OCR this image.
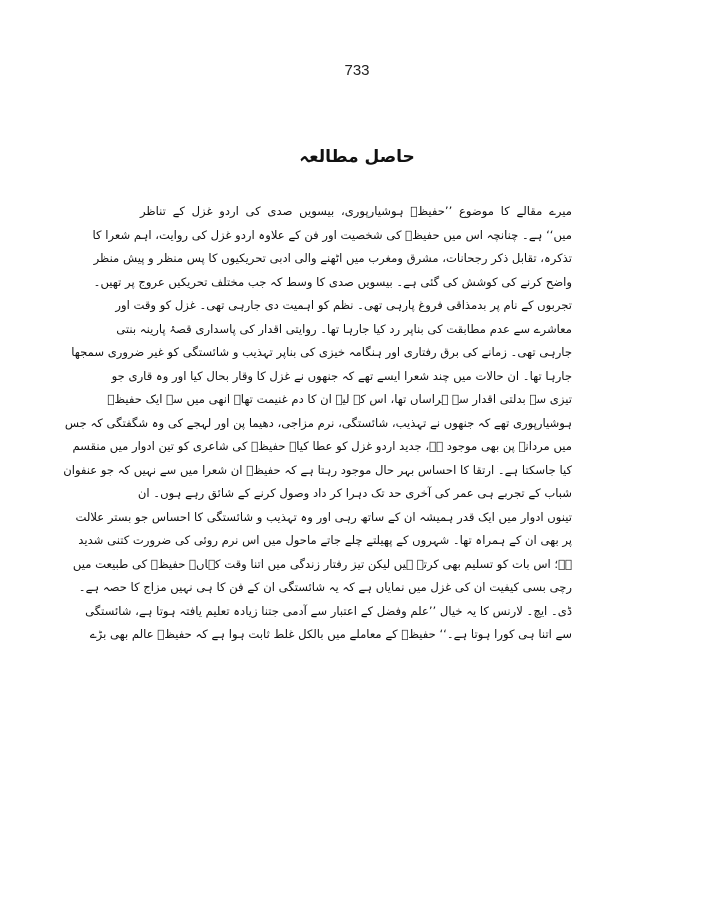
733
حاصل مطالعہ
میرے مقالے کا موضوع ’’حفیظؔ ہوشیارپوری، بیسویں صدی کی اردو غزل کے تناظر
میں‘‘ ہے۔ چنانچہ اس میں حفیظؔ کی شخصیت اور فن کے علاوہ اردو غزل کی روایت، اہم شعرا کا
تذکرہ، تقابل ذکر رجحانات، مشرق ومغرب میں اٹھنے والی ادبی تحریکیوں کا پس منظر و پیش منظر
واضح کرنے کی کوشش کی گئی ہے۔ بیسویں صدی کا وسط کہ جب مختلف تحریکیں عروج پر تھیں۔
تجربوں کے نام پر بدمذاقی فروغ پارہی تھی۔ نظم کو اہمیت دی جارہی تھی۔ غزل کو وقت اور
معاشرے سے عدم مطابقت کی بناپر رد کیا جارہا تھا۔ روایتی اقدار کی پاسداری قصۂ پارینہ بنتی
جارہی تھی۔ زمانے کی برق رفتاری اور ہنگامہ خیزی کی بناپر تہذیب و شائستگی کو غیر ضروری سمجھا
جارہا تھا۔ ان حالات میں چند شعرا ایسے تھے کہ جنھوں نے غزل کا وقار بحال کیا اور وہ قاری جو
تیزی سے بدلتی اقدار سے ہراساں تھا، اس کے لیے ان کا دم غنیمت تھا۔ انھی میں سے ایک حفیظؔ
ہوشیارپوری تھے کہ جنھوں نے تہذیب، شائستگی، نرم مزاجی، دھیما پن اور لہجے کی وہ شگفتگی کہ جس
میں مردانہ پن بھی موجود ہے، جدید اردو غزل کو عطا کیا۔ حفیظؔ کی شاعری کو تین ادوار میں منقسم
کیا جاسکتا ہے۔ ارتقا کا احساس بہر حال موجود رہتا ہے کہ حفیظؔ ان شعرا میں سے نہیں کہ جو عنفوان
شباب کے تجربے ہی عمر کی آخری حد تک دہرا کر داد وصول کرنے کے شائق رہے ہوں۔ ان
تینوں ادوار میں ایک قدر ہمیشہ ان کے ساتھ رہی اور وہ تہذیب و شائستگی کا احساس جو بستر علالت
پر بھی ان کے ہمراہ تھا۔ شہروں کے پھیلتے چلے جاتے ماحول میں اس نرم روئی کی ضرورت کتنی شدید
ہے؛ اس بات کو تسلیم بھی کرتے ہیں لیکن تیز رفتار زندگی میں اتنا وقت کہاں۔ حفیظؔ کی طبیعت میں
رچی بسی کیفیت ان کی غزل میں نمایاں ہے کہ یہ شائستگی ان کے فن کا ہی نہیں مزاج کا حصہ ہے۔
ڈی۔ ایچ۔ لارنس کا یہ خیال ’’علم وفضل کے اعتبار سے آدمی جتنا زیادہ تعلیم یافتہ ہوتا ہے، شائستگی
سے اتنا ہی کورا ہوتا ہے۔‘‘ حفیظؔ کے معاملے میں بالکل غلط ثابت ہوا ہے کہ حفیظؔ عالم بھی بڑے
